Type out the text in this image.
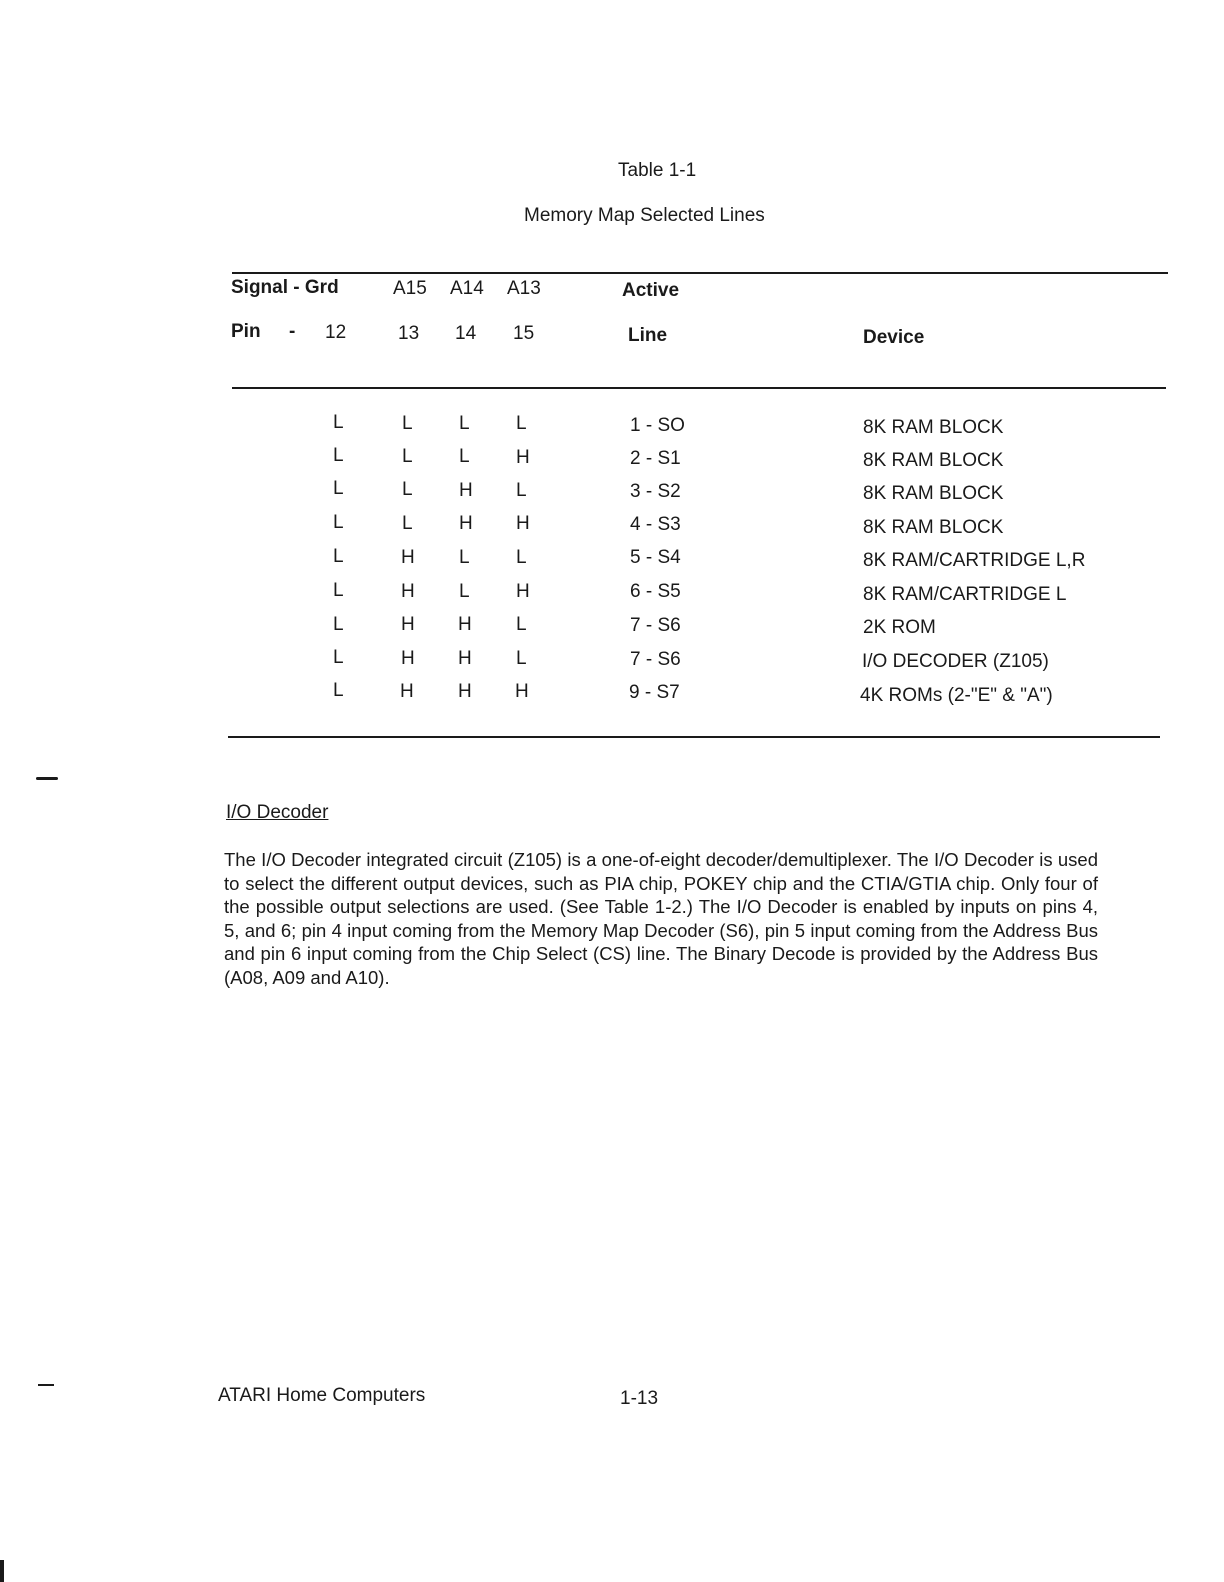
Table 1-1
Memory Map Selected Lines
Signal - Grd	A15 A14 A13	Active
Pin - 12	13 14 15	Line	Device
L	L L L	1 - SO	8K RAM BLOCK
L	L L H	2 - S1	8K RAM BLOCK
L	L H L	3 - S2	8K RAM BLOCK
L	L H H	4 - S3	8K RAM BLOCK
L	H L L	5 - S4	8K RAM/CARTRIDGE L,R
L	H L H	6 - S5	8K RAM/CARTRIDGE L
L	H H L	7 - S6	2K ROM
L	H H L	7 - S6	I/O DECODER (Z105)
L	H H H	9 - S7	4K ROMs (2-"E" & "A")
I/O Decoder
The I/O Decoder integrated circuit (Z105) is a one-of-eight decoder/demultiplexer. The I/O Decoder is used to select the different output devices, such as PIA chip, POKEY chip and the CTIA/GTIA chip. Only four of the possible output selections are used. (See Table 1-2.) The I/O Decoder is enabled by inputs on pins 4, 5, and 6; pin 4 input coming from the Memory Map Decoder (S6), pin 5 input coming from the Address Bus and pin 6 input coming from the Chip Select (CS) line. The Binary Decode is provided by the Address Bus (A08, A09 and A10).
ATARI Home Computers	1-13
